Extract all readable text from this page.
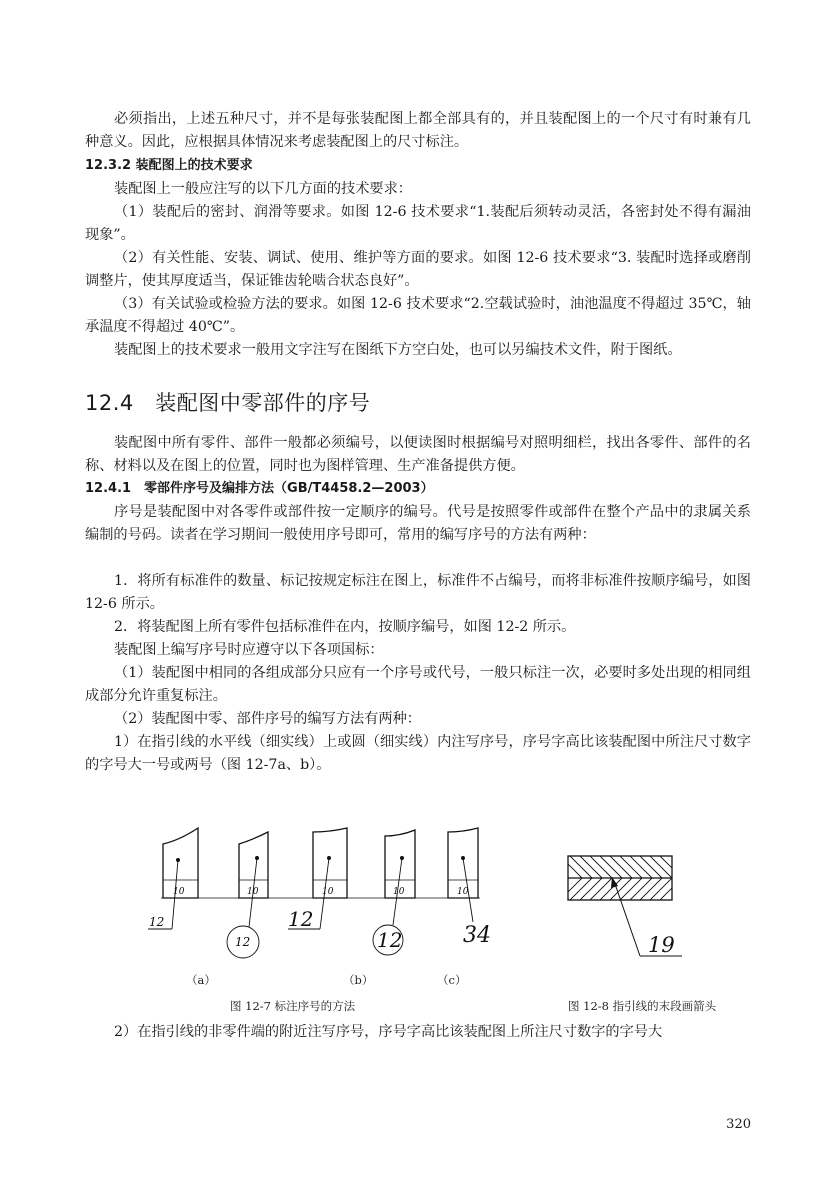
必须指出，上述五种尺寸，并不是每张装配图上都全部具有的，并且装配图上的一个尺寸有时兼有几种意义。因此，应根据具体情况来考虑装配图上的尺寸标注。
12.3.2 装配图上的技术要求
装配图上一般应注写的以下几方面的技术要求：
（1）装配后的密封、润滑等要求。如图 12-6 技术要求“1.装配后须转动灵活，各密封处不得有漏油现象”。
（2）有关性能、安装、调试、使用、维护等方面的要求。如图 12-6 技术要求“3. 装配时选择或磨削调整片，使其厚度适当，保证锥齿轮啮合状态良好”。
（3）有关试验或检验方法的要求。如图 12-6 技术要求“2.空载试验时，油池温度不得超过 35℃，轴承温度不得超过 40℃”。
装配图上的技术要求一般用文字注写在图纸下方空白处，也可以另编技术文件，附于图纸。
12.4　装配图中零部件的序号
装配图中所有零件、部件一般都必须编号，以便读图时根据编号对照明细栏，找出各零件、部件的名称、材料以及在图上的位置，同时也为图样管理、生产准备提供方便。
12.4.1　零部件序号及编排方法（GB/T4458.2—2003）
序号是装配图中对各零件或部件按一定顺序的编号。代号是按照零件或部件在整个产品中的隶属关系编制的号码。读者在学习期间一般使用序号即可，常用的编写序号的方法有两种：
1．将所有标准件的数量、标记按规定标注在图上，标准件不占编号，而将非标准件按顺序编号，如图 12-6 所示。
2．将装配图上所有零件包括标准件在内，按顺序编号，如图 12-2 所示。
装配图上编写序号时应遵守以下各项国标：
（1）装配图中相同的各组成部分只应有一个序号或代号，一般只标注一次，必要时多处出现的相同组成部分允许重复标注。
（2）装配图中零、部件序号的编写方法有两种：
1）在指引线的水平线（细实线）上或圆（细实线）内注写序号，序号字高比该装配图中所注尺寸数字的字号大一号或两号（图 12-7a、b）。
10	10	10	10	10
12
12
12
12	34	19
（a）	（b）	（c）
图 12-7 标注序号的方法	图 12-8 指引线的末段画箭头
2）在指引线的非零件端的附近注写序号，序号字高比该装配图上所注尺寸数字的字号大
320
